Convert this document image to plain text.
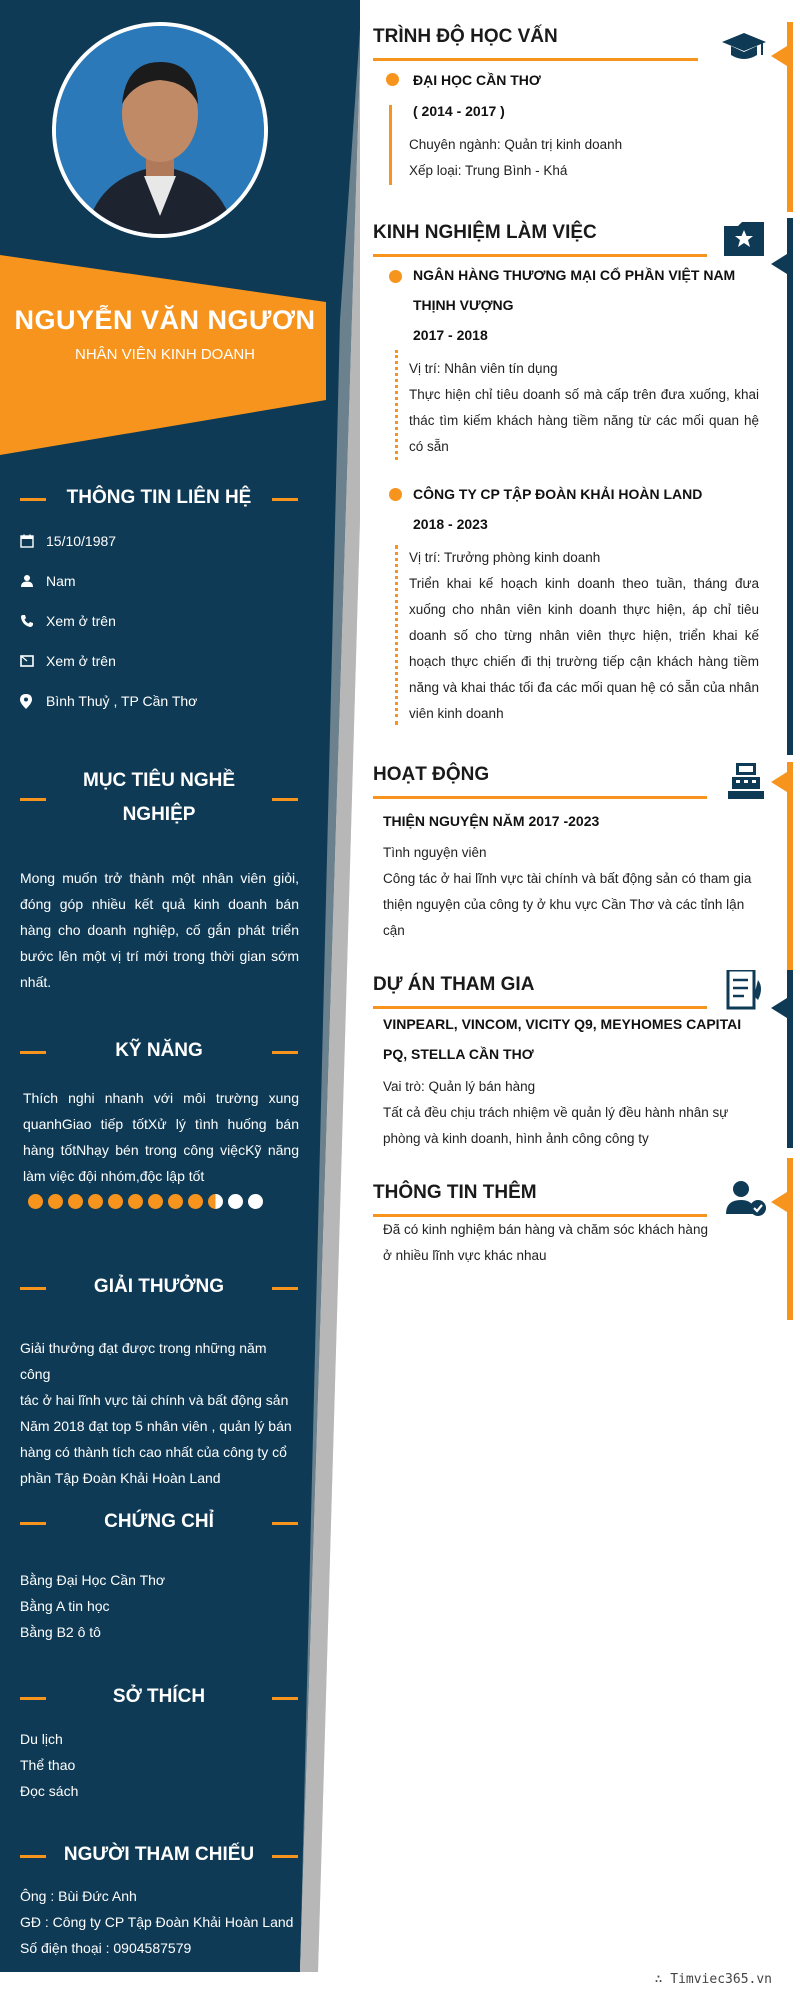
NGUYỄN VĂN NGƯƠN
NHÂN VIÊN KINH DOANH
THÔNG TIN LIÊN HỆ
15/10/1987
Nam
Xem ở trên
Xem ở trên
Bình Thuỷ , TP Cần Thơ
MỤC TIÊU NGHỀ
NGHIỆP
Mong muốn trở thành một nhân viên giỏi, đóng góp nhiều kết quả kinh doanh bán hàng cho doanh nghiệp, cố gắn phát triển bước lên một vị trí mới trong thời gian sớm nhất.
KỸ NĂNG
Thích nghi nhanh với môi trường xung quanhGiao tiếp tốtXử lý tình huống bán hàng tốtNhạy bén trong công việcKỹ năng làm việc đội nhóm,độc lập tốt
GIẢI THƯỞNG
Giải thưởng đạt được trong những năm công
tác ở hai lĩnh vực tài chính và bất động sản
Năm 2018 đạt top 5 nhân viên , quản lý bán
hàng có thành tích cao nhất của công ty cổ
phần Tập Đoàn Khải Hoàn Land
CHỨNG CHỈ
Bằng Đại Học Cần Thơ
Bằng A tin học
Bằng B2 ô tô
SỞ THÍCH
Du lịch
Thể thao
Đọc sách
NGƯỜI THAM CHIẾU
Ông : Bùi Đức Anh
GĐ : Công ty CP Tập Đoàn Khải Hoàn Land
Số điện thoại : 0904587579
TRÌNH ĐỘ HỌC VẤN
ĐẠI HỌC CẦN THƠ
( 2014 - 2017 )
Chuyên ngành: Quản trị kinh doanh
Xếp loại: Trung Bình - Khá
KINH NGHIỆM LÀM VIỆC
NGÂN HÀNG THƯƠNG MẠI CỔ PHẦN VIỆT NAM
THỊNH VƯỢNG
2017 - 2018
Vị trí: Nhân viên tín dụng
Thực hiện chỉ tiêu doanh số mà cấp trên đưa xuống, khai thác tìm kiếm khách hàng tiềm năng từ các mối quan hệ có sẵn
CÔNG TY CP TẬP ĐOÀN KHẢI HOÀN LAND
2018 - 2023
Vị trí: Trưởng phòng kinh doanh
Triển khai kế hoạch kinh doanh theo tuần, tháng đưa xuống cho nhân viên kinh doanh thực hiện, áp chỉ tiêu doanh số cho từng nhân viên thực hiện, triển khai kế hoạch thực chiến đi thị trường tiếp cận khách hàng tiềm năng và khai thác tối đa các mối quan hệ có sẵn của nhân viên kinh doanh
HOẠT ĐỘNG
THIỆN NGUYỆN NĂM 2017 -2023
Tình nguyện viên
Công tác ở hai lĩnh vực tài chính và bất động sản có tham gia thiện nguyện của công ty ở khu vực Cần Thơ và các tỉnh lận cận
DỰ ÁN THAM GIA
VINPEARL, VINCOM, VICITY Q9, MEYHOMES CAPITAI
PQ, STELLA CẦN THƠ
Vai trò: Quản lý bán hàng
Tất cả đều chịu trách nhiệm về quản lý đều hành nhân sự phòng và kinh doanh, hình ảnh công công ty
THÔNG TIN THÊM
Đã có kinh nghiệm bán hàng và chăm sóc khách hàng
ở nhiều lĩnh vực khác nhau
∴ Timviec365.vn
